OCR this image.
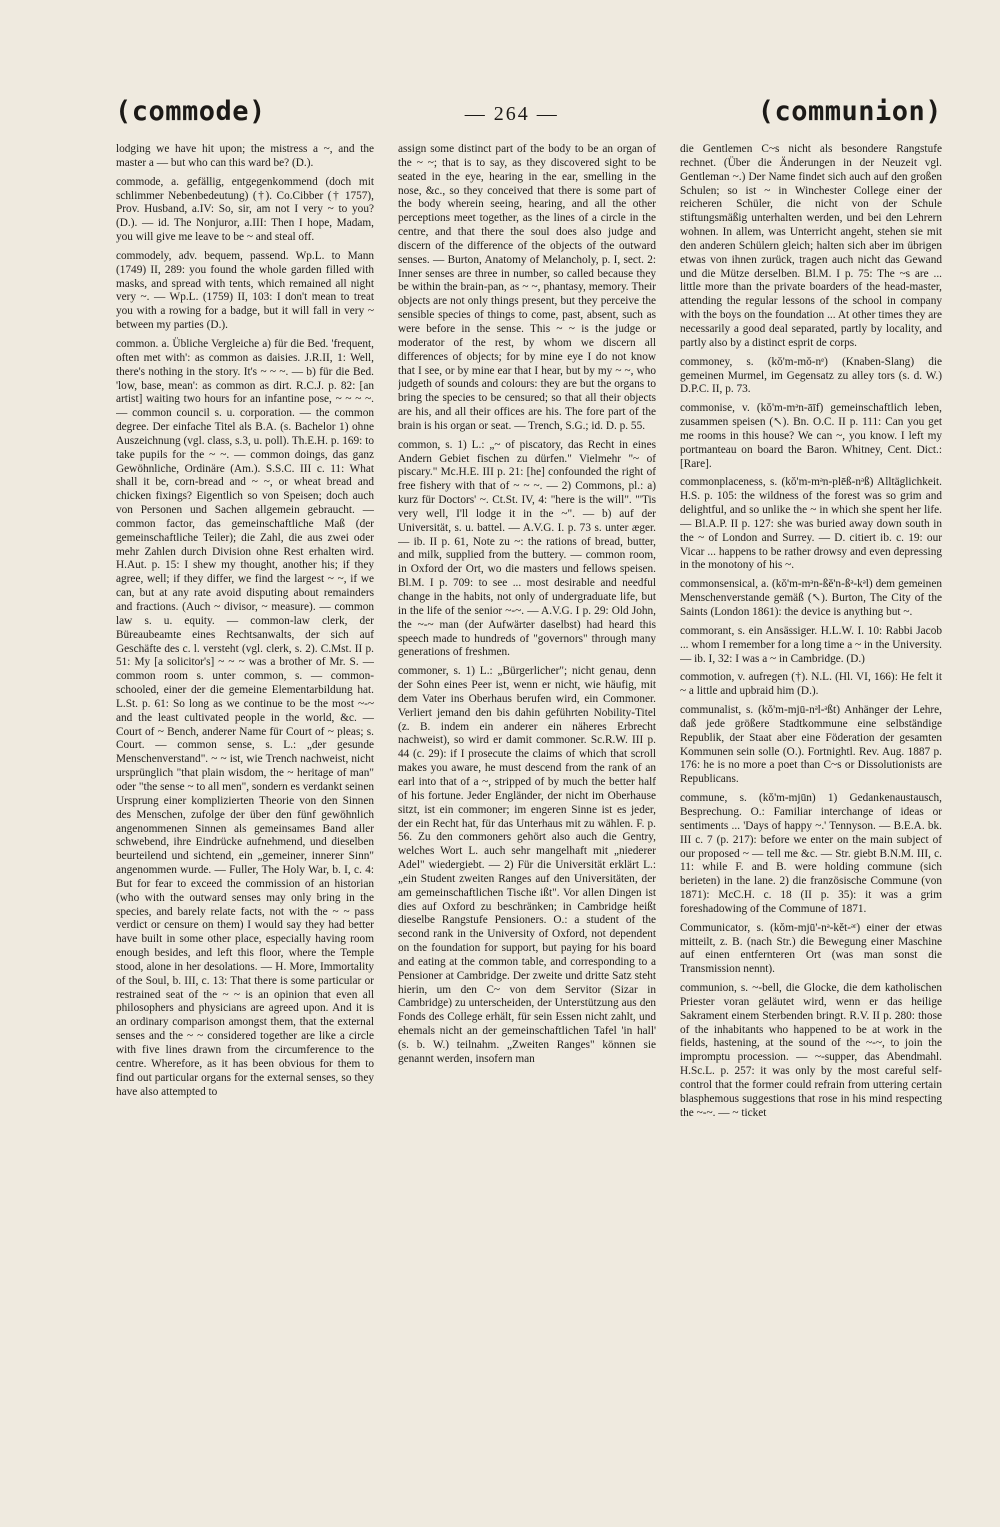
(commode)	— 264 —	(communion)

lodging we have hit upon; the mistress a ~, and the master a — but who can this ward be? (D.).

commode, a. gefällig, entgegenkommend (doch mit schlimmer Nebenbedeutung) (†). Co.Cibber († 1757), Prov. Husband, a.IV: So, sir, am not I very ~ to you? (D.). — id. The Nonjuror, a.III: Then I hope, Madam, you will give me leave to be ~ and steal off.

commodely, adv. bequem, passend. Wp.L. to Mann (1749) II, 289: you found the whole garden filled with masks, and spread with tents, which remained all night very ~. — Wp.L. (1759) II, 103: I don't mean to treat you with a rowing for a badge, but it will fall in very ~ between my parties (D.).

common. a. Übliche Vergleiche a) für die Bed. 'frequent, often met with': as common as daisies. J.R.II, 1: Well, there's nothing in the story. It's ~ ~ ~. — b) für die Bed. 'low, base, mean': as common as dirt. R.C.J. p. 82: [an artist] waiting two hours for an infantine pose, ~ ~ ~ ~. — common council s. u. corporation. — the common degree. Der einfache Titel als B.A. (s. Bachelor 1) ohne Auszeichnung (vgl. class, s.3, u. poll). Th.E.H. p. 169: to take pupils for the ~ ~. — common doings, das ganz Gewöhnliche, Ordinäre (Am.). S.S.C. III c. 11: What shall it be, corn-bread and ~ ~, or wheat bread and chicken fixings? Eigentlich so von Speisen; doch auch von Personen und Sachen allgemein gebraucht. — common factor, das gemeinschaftliche Maß (der gemeinschaftliche Teiler); die Zahl, die aus zwei oder mehr Zahlen durch Division ohne Rest erhalten wird. H.Aut. p. 15: I shew my thought, another his; if they agree, well; if they differ, we find the largest ~ ~, if we can, but at any rate avoid disputing about remainders and fractions. (Auch ~ divisor, ~ measure). — common law s. u. equity. — common-law clerk, der Büreaubeamte eines Rechtsanwalts, der sich auf Geschäfte des c. l. versteht (vgl. clerk, s. 2). C.Mst. II p. 51: My [a solicitor's] ~ ~ ~ was a brother of Mr. S. — common room s. unter common, s. — common-schooled, einer der die gemeine Elementarbildung hat. L.St. p. 61: So long as we continue to be the most ~-~ and the least cultivated people in the world, &c. — Court of ~ Bench, anderer Name für Court of ~ pleas; s. Court. — common sense, s. L.: „der gesunde Menschenverstand". ~ ~ ist, wie Trench nachweist, nicht ursprünglich "that plain wisdom, the ~ heritage of man" oder "the sense ~ to all men", sondern es verdankt seinen Ursprung einer komplizierten Theorie von den Sinnen des Menschen, zufolge der über den fünf gewöhnlich angenommenen Sinnen als gemeinsames Band aller schwebend, ihre Eindrücke aufnehmend, und dieselben beurteilend und sichtend, ein „gemeiner, innerer Sinn" angenommen wurde. — Fuller, The Holy War, b. I, c. 4: But for fear to exceed the commission of an historian (who with the outward senses may only bring in the species, and barely relate facts, not with the ~ ~ pass verdict or censure on them) I would say they had better have built in some other place, especially having room enough besides, and left this floor, where the Temple stood, alone in her desolations. — H. More, Immortality of the Soul, b. III, c. 13: That there is some particular or restrained seat of the ~ ~ is an opinion that even all philosophers and physicians are agreed upon. And it is an ordinary comparison amongst them, that the external senses and the ~ ~ considered together are like a circle with five lines drawn from the circumference to the centre. Wherefore, as it has been obvious for them to find out particular organs for the external senses, so they have also attempted to

assign some distinct part of the body to be an organ of the ~ ~; that is to say, as they discovered sight to be seated in the eye, hearing in the ear, smelling in the nose, &c., so they conceived that there is some part of the body wherein seeing, hearing, and all the other perceptions meet together, as the lines of a circle in the centre, and that there the soul does also judge and discern of the difference of the objects of the outward senses. — Burton, Anatomy of Melancholy, p. I, sect. 2: Inner senses are three in number, so called because they be within the brain-pan, as ~ ~, phantasy, memory. Their objects are not only things present, but they perceive the sensible species of things to come, past, absent, such as were before in the sense. This ~ ~ is the judge or moderator of the rest, by whom we discern all differences of objects; for by mine eye I do not know that I see, or by mine ear that I hear, but by my ~ ~, who judgeth of sounds and colours: they are but the organs to bring the species to be censured; so that all their objects are his, and all their offices are his. The fore part of the brain is his organ or seat. — Trench, S.G.; id. D. p. 55.

common, s. 1) L.: „~ of piscatory, das Recht in eines Andern Gebiet fischen zu dürfen." Vielmehr "~ of piscary." Mc.H.E. III p. 21: [he] confounded the right of free fishery with that of ~ ~ ~. — 2) Commons, pl.: a) kurz für Doctors' ~. Ct.St. IV, 4: "here is the will". "'Tis very well, I'll lodge it in the ~". — b) auf der Universität, s. u. battel. — A.V.G. I. p. 73 s. unter æger. — ib. II p. 61, Note zu ~: the rations of bread, butter, and milk, supplied from the buttery. — common room, in Oxford der Ort, wo die masters und fellows speisen. Bl.M. I p. 709: to see ... most desirable and needful change in the habits, not only of undergraduate life, but in the life of the senior ~-~. — A.V.G. I p. 29: Old John, the ~-~ man (der Aufwärter daselbst) had heard this speech made to hundreds of "governors" through many generations of freshmen.

commoner, s. 1) L.: „Bürgerlicher"; nicht genau, denn der Sohn eines Peer ist, wenn er nicht, wie häufig, mit dem Vater ins Oberhaus berufen wird, ein Commoner. Verliert jemand den bis dahin geführten Nobility-Titel (z. B. indem ein anderer ein näheres Erbrecht nachweist), so wird er damit commoner. Sc.R.W. III p. 44 (c. 29): if I prosecute the claims of which that scroll makes you aware, he must descend from the rank of an earl into that of a ~, stripped of by much the better half of his fortune. Jeder Engländer, der nicht im Oberhause sitzt, ist ein commoner; im engeren Sinne ist es jeder, der ein Recht hat, für das Unterhaus mit zu wählen. F. p. 56. Zu den commoners gehört also auch die Gentry, welches Wort L. auch sehr mangelhaft mit „niederer Adel" wiedergiebt. — 2) Für die Universität erklärt L.: „ein Student zweiten Ranges auf den Universitäten, der am gemeinschaftlichen Tische ißt". Vor allen Dingen ist dies auf Oxford zu beschränken; in Cambridge heißt dieselbe Rangstufe Pensioners. O.: a student of the second rank in the University of Oxford, not dependent on the foundation for support, but paying for his board and eating at the common table, and corresponding to a Pensioner at Cambridge. Der zweite und dritte Satz steht hierin, um den C~ von dem Servitor (Sizar in Cambridge) zu unterscheiden, der Unterstützung aus den Fonds des College erhält, für sein Essen nicht zahlt, und ehemals nicht an der gemeinschaftlichen Tafel 'in hall' (s. b. W.) teilnahm. „Zweiten Ranges" können sie genannt werden, insofern man

die Gentlemen C~s nicht als besondere Rangstufe rechnet. (Über die Änderungen in der Neuzeit vgl. Gentleman ~.) Der Name findet sich auch auf den großen Schulen; so ist ~ in Winchester College einer der reicheren Schüler, die nicht von der Schule stiftungsmäßig unterhalten werden, und bei den Lehrern wohnen. In allem, was Unterricht angeht, stehen sie mit den anderen Schülern gleich; halten sich aber im übrigen etwas von ihnen zurück, tragen auch nicht das Gewand und die Mütze derselben. Bl.M. I p. 75: The ~s are ... little more than the private boarders of the head-master, attending the regular lessons of the school in company with the boys on the foundation ... At other times they are necessarily a good deal separated, partly by locality, and partly also by a distinct esprit de corps.

commoney, s. (kŏ'm-mŏ-nᵉ) (Knaben-Slang) die gemeinen Murmel, im Gegensatz zu alley tors (s. d. W.) D.P.C. II, p. 73.

commonise, v. (kŏ'm-mᵊn-āīf) gemeinschaftlich leben, zusammen speisen (↖). Bn. O.C. II p. 111: Can you get me rooms in this house? We can ~, you know. I left my portmanteau on board the Baron. Whitney, Cent. Dict.: [Rare].

commonplaceness, s. (kŏ'm-mᵊn-plēß-nᵊß) Alltäglichkeit. H.S. p. 105: the wildness of the forest was so grim and delightful, and so unlike the ~ in which she spent her life. — Bl.A.P. II p. 127: she was buried away down south in the ~ of London and Surrey. — D. citiert ib. c. 19: our Vicar ... happens to be rather drowsy and even depressing in the monotony of his ~.

commonsensical, a. (kŏ'm-mᵊn-ßĕ'n-ßᵊ-kᵊl) dem gemeinen Menschenverstande gemäß (↖). Burton, The City of the Saints (London 1861): the device is anything but ~.

commorant, s. ein Ansässiger. H.L.W. I. 10: Rabbi Jacob ... whom I remember for a long time a ~ in the University. — ib. I, 32: I was a ~ in Cambridge. (D.)

commotion, v. aufregen (†). N.L. (Hl. VI, 166): He felt it ~ a little and upbraid him (D.).

communalist, s. (kŏ'm-mjū-nᵊl-ᵊßt) Anhänger der Lehre, daß jede größere Stadtkommune eine selbständige Republik, der Staat aber eine Föderation der gesamten Kommunen sein solle (O.). Fortnightl. Rev. Aug. 1887 p. 176: he is no more a poet than C~s or Dissolutionists are Republicans.

commune, s. (kŏ'm-mjūn) 1) Gedankenaustausch, Besprechung. O.: Familiar interchange of ideas or sentiments ... 'Days of happy ~.' Tennyson. — B.E.A. bk. III c. 7 (p. 217): before we enter on the main subject of our proposed ~ — tell me &c. — Str. giebt B.N.M. III, c. 11: while F. and B. were holding commune (sich berieten) in the lane. 2) die französische Commune (von 1871): McC.H. c. 18 (II p. 35): it was a grim foreshadowing of the Commune of 1871.

Communicator, s. (kŏm-mjū'-nᵊ-kĕt-ᵊʳ) einer der etwas mitteilt, z. B. (nach Str.) die Bewegung einer Maschine auf einen entfernteren Ort (was man sonst die Transmission nennt).

communion, s. ~-bell, die Glocke, die dem katholischen Priester voran geläutet wird, wenn er das heilige Sakrament einem Sterbenden bringt. R.V. II p. 280: those of the inhabitants who happened to be at work in the fields, hastening, at the sound of the ~-~, to join the impromptu procession. — ~-supper, das Abendmahl. H.Sc.L. p. 257: it was only by the most careful self-control that the former could refrain from uttering certain blasphemous suggestions that rose in his mind respecting the ~-~. — ~ ticket
